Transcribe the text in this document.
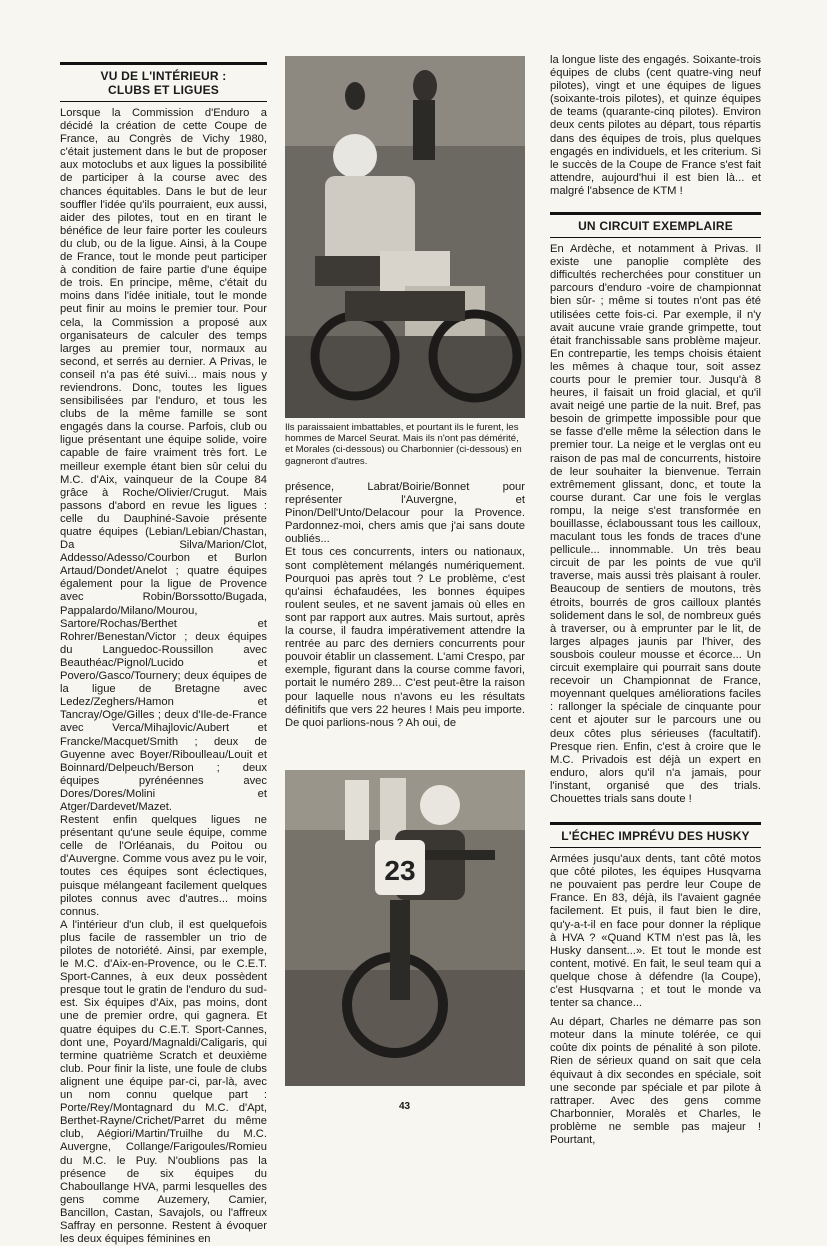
VU DE L'INTÉRIEUR :
CLUBS ET LIGUES

Lorsque la Commission d'Enduro a décidé la création de cette Coupe de France, au Congrès de Vichy 1980, c'était justement dans le but de proposer aux motoclubs et aux ligues la possibilité de participer à la course avec des chances équitables. Dans le but de leur souffler l'idée qu'ils pourraient, eux aussi, aider des pilotes, tout en en tirant le bénéfice de leur faire porter les couleurs du club, ou de la ligue. Ainsi, à la Coupe de France, tout le monde peut participer à condition de faire partie d'une équipe de trois. En principe, même, c'était du moins dans l'idée initiale, tout le monde peut finir au moins le premier tour. Pour cela, la Commission a proposé aux organisateurs de calculer des temps larges au premier tour, normaux au second, et serrés au dernier. A Privas, le conseil n'a pas été suivi... mais nous y reviendrons. Donc, toutes les ligues sensibilisées par l'enduro, et tous les clubs de la même famille se sont engagés dans la course. Parfois, club ou ligue présentant une équipe solide, voire capable de faire vraiment très fort. Le meilleur exemple étant bien sûr celui du M.C. d'Aix, vainqueur de la Coupe 84 grâce à Roche/Olivier/Crugut. Mais passons d'abord en revue les ligues : celle du Dauphiné-Savoie présente quatre équipes (Lebian/Lebian/Chastan, Da Silva/Marion/Clot, Addesso/Adesso/Courbon et Burlon Artaud/Dondet/Anelot ; quatre équipes également pour la ligue de Provence avec Robin/Borssotto/Bugada, Pappalardo/Milano/Mourou, Sartore/Rochas/Berthet et Rohrer/Benestan/Victor ; deux équipes du Languedoc-Roussillon avec Beauthéac/Pignol/Lucido et Povero/Gasco/Tournery; deux équipes de la ligue de Bretagne avec Ledez/Zeghers/Hamon et Tancray/Oge/Gilles ; deux d'Ile-de-France avec Verca/Mihajlovic/Aubert et Francke/Macquet/Smith ; deux de Guyenne avec Boyer/Riboulleau/Louit et Boinnard/Delpeuch/Berson ; deux équipes pyrénéennes avec Dores/Dores/Molini et Atger/Dardevet/Mazet.

Restent enfin quelques ligues ne présentant qu'une seule équipe, comme celle de l'Orléanais, du Poitou ou d'Auvergne. Comme vous avez pu le voir, toutes ces équipes sont éclectiques, puisque mélangeant facilement quelques pilotes connus avec d'autres... moins connus.

A l'intérieur d'un club, il est quelquefois plus facile de rassembler un trio de pilotes de notoriété. Ainsi, par exemple, le M.C. d'Aix-en-Provence, ou le C.E.T. Sport-Cannes, à eux deux possèdent presque tout le gratin de l'enduro du sud-est. Six équipes d'Aix, pas moins, dont une de premier ordre, qui gagnera. Et quatre équipes du C.E.T. Sport-Cannes, dont une, Poyard/Magnaldi/Caligaris, qui termine quatrième Scratch et deuxième club. Pour finir la liste, une foule de clubs alignent une équipe par-ci, par-là, avec un nom connu quelque part : Porte/Rey/Montagnard du M.C. d'Apt, Berthet-Rayne/Crichet/Parret du même club, Aégiori/Martin/Truilhe du M.C. Auvergne, Collange/Farigoules/Romieu du M.C. le Puy. N'oublions pas la présence de six équipes du Chaboullange HVA, parmi lesquelles des gens comme Auzemery, Camier, Bancillon, Castan, Savajols, ou l'affreux Saffray en personne. Restent à évoquer les deux équipes féminines en

Ils paraissaient imbattables, et pourtant ils le furent, les hommes de Marcel Seurat. Mais ils n'ont pas démérité, et Morales (ci-dessous) ou Charbonnier (ci-dessous) en gagneront d'autres.

présence, Labrat/Boirie/Bonnet pour représenter l'Auvergne, et Pinon/Dell'Unto/Delacour pour la Provence. Pardonnez-moi, chers amis que j'ai sans doute oubliés...

Et tous ces concurrents, inters ou nationaux, sont complètement mélangés numériquement. Pourquoi pas après tout ? Le problème, c'est qu'ainsi échafaudées, les bonnes équipes roulent seules, et ne savent jamais où elles en sont par rapport aux autres. Mais surtout, après la course, il faudra impérativement attendre la rentrée au parc des derniers concurrents pour pouvoir établir un classement. L'ami Crespo, par exemple, figurant dans la course comme favori, portait le numéro 289... C'est peut-être la raison pour laquelle nous n'avons eu les résultats définitifs que vers 22 heures ! Mais peu importe. De quoi parlions-nous ? Ah oui, de

23

la longue liste des engagés. Soixante-trois équipes de clubs (cent quatre-ving neuf pilotes), vingt et une équipes de ligues (soixante-trois pilotes), et quinze équipes de teams (quarante-cinq pilotes). Environ deux cents pilotes au départ, tous répartis dans des équipes de trois, plus quelques engagés en individuels, et les criterium. Si le succès de la Coupe de France s'est fait attendre, aujourd'hui il est bien là... et malgré l'absence de KTM !

UN CIRCUIT EXEMPLAIRE

En Ardèche, et notamment à Privas. Il existe une panoplie complète des difficultés recherchées pour constituer un parcours d'enduro -voire de championnat bien sûr- ; même si toutes n'ont pas été utilisées cette fois-ci. Par exemple, il n'y avait aucune vraie grande grimpette, tout était franchissable sans problème majeur. En contrepartie, les temps choisis étaient les mêmes à chaque tour, soit assez courts pour le premier tour. Jusqu'à 8 heures, il faisait un froid glacial, et qu'il avait neigé une partie de la nuit. Bref, pas besoin de grimpette impossible pour que se fasse d'elle même la sélection dans le premier tour. La neige et le verglas ont eu raison de pas mal de concurrents, histoire de leur souhaiter la bienvenue. Terrain extrêmement glissant, donc, et toute la course durant. Car une fois le verglas rompu, la neige s'est transformée en bouillasse, éclaboussant tous les cailloux, maculant tous les fonds de traces d'une pellicule... innommable. Un très beau circuit de par les points de vue qu'il traverse, mais aussi très plaisant à rouler. Beaucoup de sentiers de moutons, très étroits, bourrés de gros cailloux plantés solidement dans le sol, de nombreux gués à traverser, ou à emprunter par le lit, de larges alpages jaunis par l'hiver, des sousbois couleur mousse et écorce... Un circuit exemplaire qui pourrait sans doute recevoir un Championnat de France, moyennant quelques améliorations faciles : rallonger la spéciale de cinquante pour cent et ajouter sur le parcours une ou deux côtes plus sérieuses (facultatif). Presque rien. Enfin, c'est à croire que le M.C. Privadois est déjà un expert en enduro, alors qu'il n'a jamais, pour l'instant, organisé que des trials. Chouettes trials sans doute !

L'ÉCHEC IMPRÉVU DES HUSKY

Armées jusqu'aux dents, tant côté motos que côté pilotes, les équipes Husqvarna ne pouvaient pas perdre leur Coupe de France. En 83, déjà, ils l'avaient gagnée facilement. Et puis, il faut bien le dire, qu'y-a-t-il en face pour donner la réplique à HVA ? «Quand KTM n'est pas là, les Husky dansent...». Et tout le monde est content, motivé. En fait, le seul team qui a quelque chose à défendre (la Coupe), c'est Husqvarna ; et tout le monde va tenter sa chance...

Au départ, Charles ne démarre pas son moteur dans la minute tolérée, ce qui coûte dix points de pénalité à son pilote. Rien de sérieux quand on sait que cela équivaut à dix secondes en spéciale, soit une seconde par spéciale et par pilote à rattraper. Avec des gens comme Charbonnier, Moralès et Charles, le problème ne semble pas majeur ! Pourtant,

43
